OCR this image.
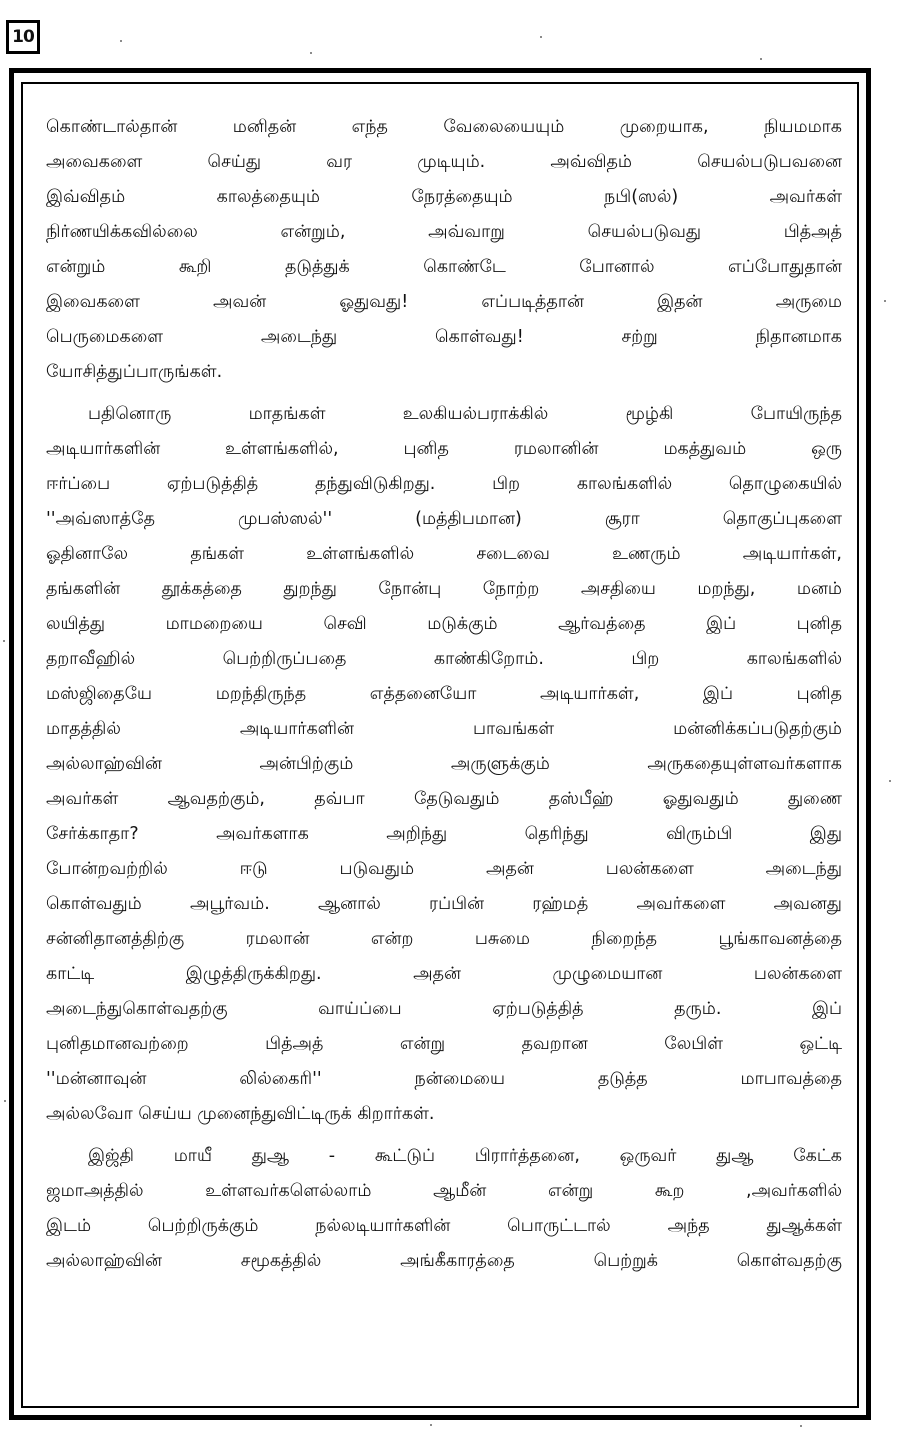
10
கொண்டால்தான் மனிதன் எந்த வேலையையும் முறையாக, நியமமாக
அவைகளை செய்து வர முடியும். அவ்விதம் செயல்படுபவனை
இவ்விதம் காலத்தையும் நேரத்தையும் நபி(ஸல்) அவர்கள்
நிர்ணயிக்கவில்லை என்றும், அவ்வாறு செயல்படுவது பித்அத்
என்றும் கூறி தடுத்துக் கொண்டே போனால் எப்போதுதான்
இவைகளை அவன் ஓதுவது! எப்படித்தான் இதன் அருமை
பெருமைகளை அடைந்து கொள்வது! சற்று நிதானமாக
யோசித்துப்பாருங்கள்.
பதினொரு மாதங்கள் உலகியல்பராக்கில் மூழ்கி போயிருந்த
அடியார்களின் உள்ளங்களில், புனித ரமலானின் மகத்துவம் ஒரு
ஈர்ப்பை ஏற்படுத்தித் தந்துவிடுகிறது. பிற காலங்களில் தொழுகையில்
''அவ்ஸாத்தே முபஸ்ஸல்'' (மத்திபமான) சூரா தொகுப்புகளை
ஓதினாலே தங்கள் உள்ளங்களில் சடைவை உணரும் அடியார்கள்,
தங்களின் தூக்கத்தை துறந்து நோன்பு நோற்ற அசதியை மறந்து, மனம்
லயித்து மாமறையை செவி மடுக்கும் ஆர்வத்தை இப் புனித
தறாவீஹில் பெற்றிருப்பதை காண்கிறோம். பிற காலங்களில்
மஸ்ஜிதையே மறந்திருந்த எத்தனையோ அடியார்கள், இப் புனித
மாதத்தில் அடியார்களின் பாவங்கள் மன்னிக்கப்படுதற்கும்
அல்லாஹ்வின் அன்பிற்கும் அருளுக்கும் அருகதையுள்ளவர்களாக
அவர்கள் ஆவதற்கும், தவ்பா தேடுவதும் தஸ்பீஹ் ஓதுவதும் துணை
சேர்க்காதா? அவர்களாக அறிந்து தெரிந்து விரும்பி இது
போன்றவற்றில் ஈடு படுவதும் அதன் பலன்களை அடைந்து
கொள்வதும் அபூர்வம். ஆனால் ரப்பின் ரஹ்மத் அவர்களை அவனது
சன்னிதானத்திற்கு ரமலான் என்ற பசுமை நிறைந்த பூங்காவனத்தை
காட்டி இழுத்திருக்கிறது. அதன் முழுமையான பலன்களை
அடைந்துகொள்வதற்கு வாய்ப்பை ஏற்படுத்தித் தரும். இப்
புனிதமானவற்றை பித்அத் என்று தவறான லேபிள் ஒட்டி
''மன்னாவுன் லில்கைரி'' நன்மையை தடுத்த மாபாவத்தை
அல்லவோ செய்ய முனைந்துவிட்டிருக் கிறார்கள்.
இஜ்தி மாயீ துஆ - கூட்டுப் பிரார்த்தனை, ஒருவர் துஆ கேட்க
ஜமாஅத்தில் உள்ளவர்களெல்லாம் ஆமீன் என்று கூற ,அவர்களில்
இடம் பெற்றிருக்கும் நல்லடியார்களின் பொருட்டால் அந்த துஆக்கள்
அல்லாஹ்வின் சமூகத்தில் அங்கீகாரத்தை பெற்றுக் கொள்வதற்கு
